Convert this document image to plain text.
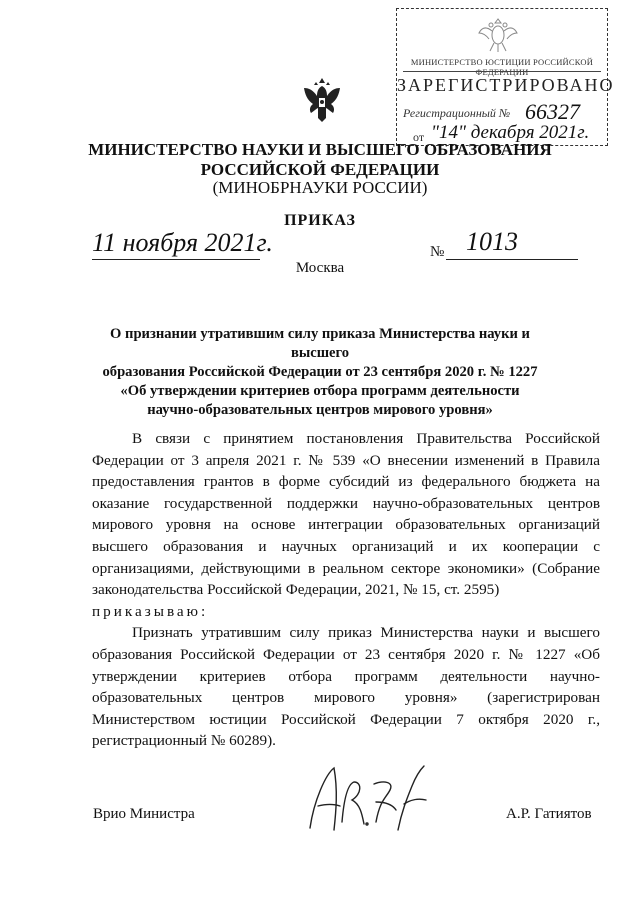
МИНИСТЕРСТВО ЮСТИЦИИ РОССИЙСКОЙ ФЕДЕРАЦИИ
ЗАРЕГИСТРИРОВАНО
Регистрационный № 66327
от "14" декабря 2021г.
МИНИСТЕРСТВО НАУКИ И ВЫСШЕГО ОБРАЗОВАНИЯ
РОССИЙСКОЙ ФЕДЕРАЦИИ
(МИНОБРНАУКИ РОССИИ)
ПРИКАЗ
11 ноября 2021г.	№ 1013
Москва
О признании утратившим силу приказа Министерства науки и высшего
образования Российской Федерации от 23 сентября 2020 г. № 1227
«Об утверждении критериев отбора программ деятельности
научно-образовательных центров мирового уровня»

В связи с принятием постановления Правительства Российской Федерации от 3 апреля 2021 г. № 539 «О внесении изменений в Правила предоставления грантов в форме субсидий из федерального бюджета на оказание государственной поддержки научно-образовательных центров мирового уровня на основе интеграции образовательных организаций высшего образования и научных организаций и их кооперации с организациями, действующими в реальном секторе экономики» (Собрание законодательства Российской Федерации, 2021, № 15, ст. 2595)

приказываю:

Признать утратившим силу приказ Министерства науки и высшего образования Российской Федерации от 23 сентября 2020 г. № 1227 «Об утверждении критериев отбора программ деятельности научно-образовательных центров мирового уровня» (зарегистрирован Министерством юстиции Российской Федерации 7 октября 2020 г., регистрационный № 60289).

Врио Министра	А.Р. Гатиятов
